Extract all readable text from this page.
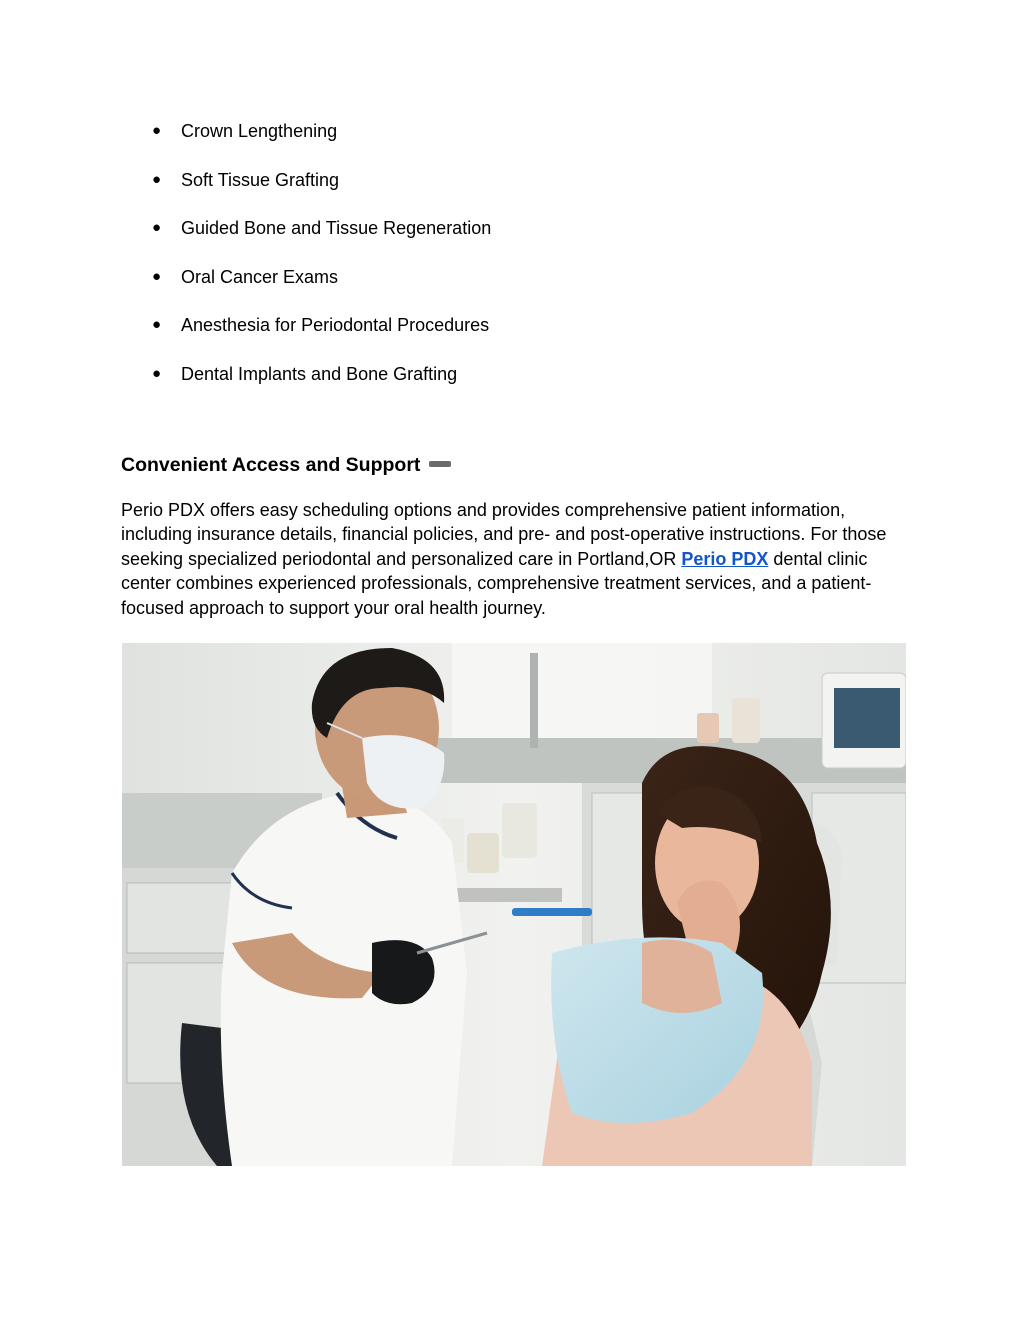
● Crown Lengthening
● Soft Tissue Grafting
● Guided Bone and Tissue Regeneration
● Oral Cancer Exams
● Anesthesia for Periodontal Procedures
● Dental Implants and Bone Grafting
Convenient Access and Support

Perio PDX offers easy scheduling options and provides comprehensive patient information, including insurance details, financial policies, and pre- and post-operative instructions. For those seeking specialized periodontal and personalized care in Portland,OR Perio PDX dental clinic center combines experienced professionals, comprehensive treatment services, and a patient-focused approach to support your oral health journey.
